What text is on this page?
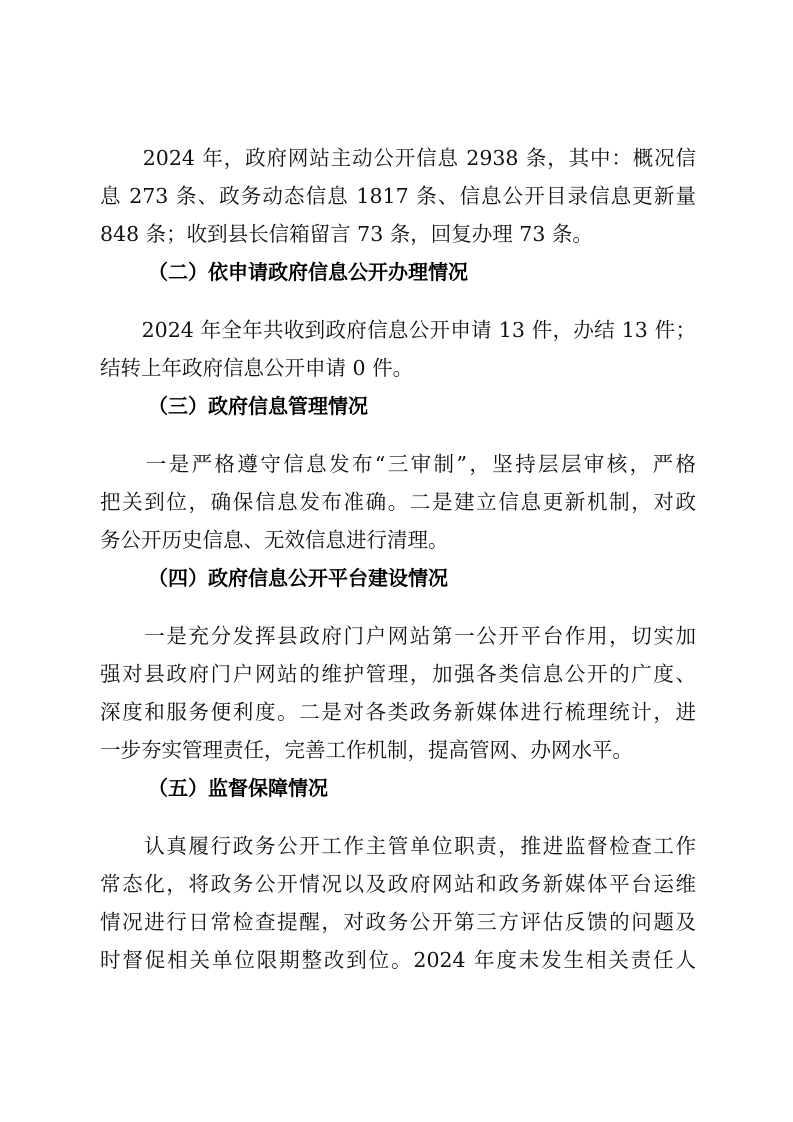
　　2024 年，政府网站主动公开信息 2938 条，其中：概况信
息 273 条、政务动态信息 1817 条、信息公开目录信息更新量
848 条；收到县长信箱留言 73 条，回复办理 73 条。
（二）依申请政府信息公开办理情况
　　2024 年全年共收到政府信息公开申请 13 件，办结 13 件；
结转上年政府信息公开申请 0 件。
（三）政府信息管理情况
　　一是严格遵守信息发布“三审制”，坚持层层审核，严格
把关到位，确保信息发布准确。二是建立信息更新机制，对政
务公开历史信息、无效信息进行清理。
（四）政府信息公开平台建设情况
　　一是充分发挥县政府门户网站第一公开平台作用，切实加
强对县政府门户网站的维护管理，加强各类信息公开的广度、
深度和服务便利度。二是对各类政务新媒体进行梳理统计，进
一步夯实管理责任，完善工作机制，提高管网、办网水平。
（五）监督保障情况
　　认真履行政务公开工作主管单位职责，推进监督检查工作
常态化，将政务公开情况以及政府网站和政务新媒体平台运维
情况进行日常检查提醒，对政务公开第三方评估反馈的问题及
时督促相关单位限期整改到位。2024 年度未发生相关责任人
